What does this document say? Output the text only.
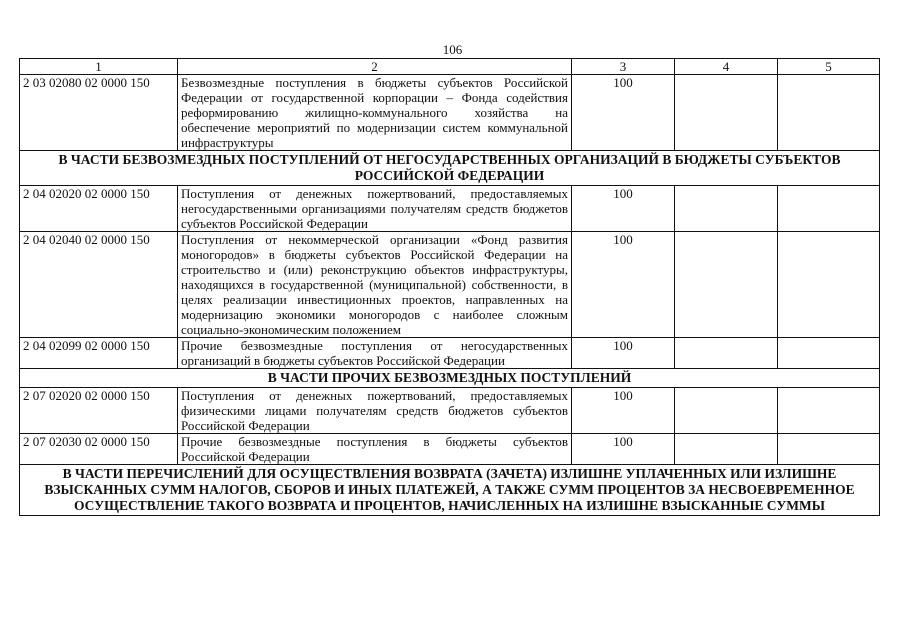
106
1	2	3	4	5
2 03 02080 02 0000 150	Безвозмездные поступления в бюджеты субъектов Российской Федерации от государственной корпорации – Фонда содействия реформированию жилищно-коммунального хозяйства на обеспечение мероприятий по модернизации систем коммунальной инфраструктуры	100		
В ЧАСТИ БЕЗВОЗМЕЗДНЫХ ПОСТУПЛЕНИЙ ОТ НЕГОСУДАРСТВЕННЫХ ОРГАНИЗАЦИЙ В БЮДЖЕТЫ СУБЪЕКТОВ РОССИЙСКОЙ ФЕДЕРАЦИИ				
2 04 02020 02 0000 150	Поступления от денежных пожертвований, предоставляемых негосударственными организациями получателям средств бюджетов субъектов Российской Федерации	100		
2 04 02040 02 0000 150	Поступления от некоммерческой организации «Фонд развития моногородов» в бюджеты субъектов Российской Федерации на строительство и (или) реконструкцию объектов инфраструктуры, находящихся в государственной (муниципальной) собственности, в целях реализации инвестиционных проектов, направленных на модернизацию экономики моногородов с наиболее сложным социально-экономическим положением	100		
2 04 02099 02 0000 150	Прочие безвозмездные поступления от негосударственных организаций в бюджеты субъектов Российской Федерации	100		
В ЧАСТИ ПРОЧИХ БЕЗВОЗМЕЗДНЫХ ПОСТУПЛЕНИЙ				
2 07 02020 02 0000 150	Поступления от денежных пожертвований, предоставляемых физическими лицами получателям средств бюджетов субъектов Российской Федерации	100		
2 07 02030 02 0000 150	Прочие безвозмездные поступления в бюджеты субъектов Российской Федерации	100		
В ЧАСТИ ПЕРЕЧИСЛЕНИЙ ДЛЯ ОСУЩЕСТВЛЕНИЯ ВОЗВРАТА (ЗАЧЕТА) ИЗЛИШНЕ УПЛАЧЕННЫХ ИЛИ ИЗЛИШНЕ ВЗЫСКАННЫХ СУММ НАЛОГОВ, СБОРОВ И ИНЫХ ПЛАТЕЖЕЙ, А ТАКЖЕ СУММ ПРОЦЕНТОВ ЗА НЕСВОЕВРЕМЕННОЕ ОСУЩЕСТВЛЕНИЕ ТАКОГО ВОЗВРАТА И ПРОЦЕНТОВ, НАЧИСЛЕННЫХ НА ИЗЛИШНЕ ВЗЫСКАННЫЕ СУММЫ				
